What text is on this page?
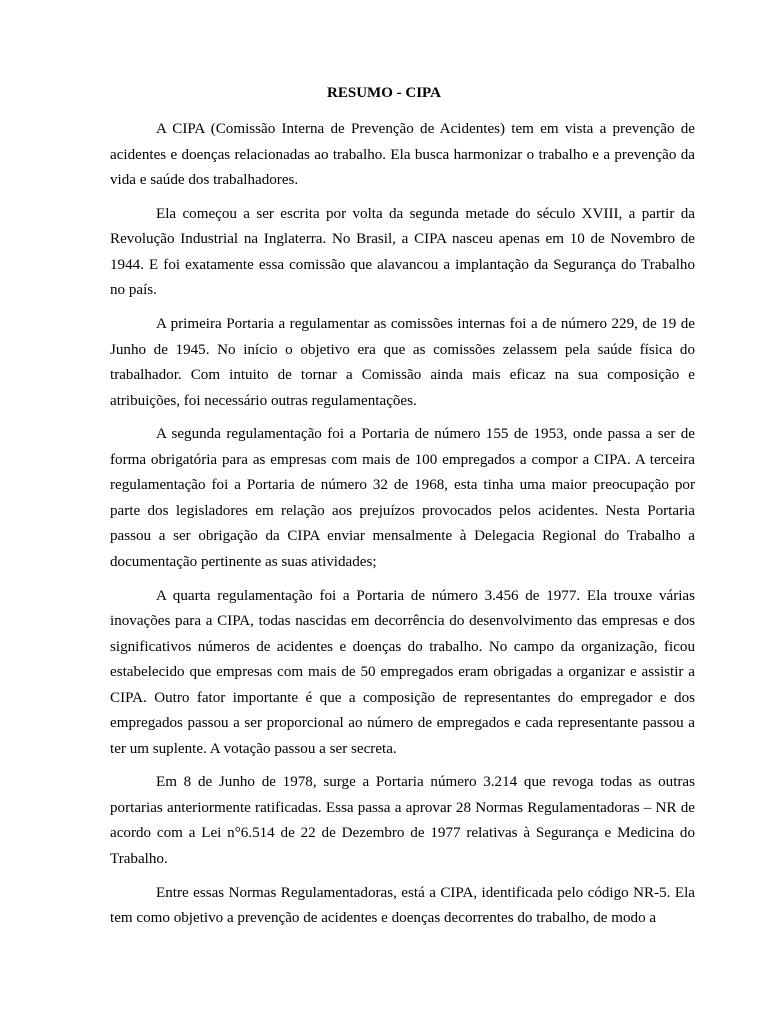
RESUMO - CIPA

A CIPA (Comissão Interna de Prevenção de Acidentes) tem em vista a prevenção de acidentes e doenças relacionadas ao trabalho. Ela busca harmonizar o trabalho e a prevenção da vida e saúde dos trabalhadores.

Ela começou a ser escrita por volta da segunda metade do século XVIII, a partir da Revolução Industrial na Inglaterra. No Brasil, a CIPA nasceu apenas em 10 de Novembro de 1944. E foi exatamente essa comissão que alavancou a implantação da Segurança do Trabalho no país.

A primeira Portaria a regulamentar as comissões internas foi a de número 229, de 19 de Junho de 1945. No início o objetivo era que as comissões zelassem pela saúde física do trabalhador. Com intuito de tornar a Comissão ainda mais eficaz na sua composição e atribuições, foi necessário outras regulamentações.

A segunda regulamentação foi a Portaria de número 155 de 1953, onde passa a ser de forma obrigatória para as empresas com mais de 100 empregados a compor a CIPA. A terceira regulamentação foi a Portaria de número 32 de 1968, esta tinha uma maior preocupação por parte dos legisladores em relação aos prejuízos provocados pelos acidentes. Nesta Portaria passou a ser obrigação da CIPA enviar mensalmente à Delegacia Regional do Trabalho a documentação pertinente as suas atividades;

A quarta regulamentação foi a Portaria de número 3.456 de 1977. Ela trouxe várias inovações para a CIPA, todas nascidas em decorrência do desenvolvimento das empresas e dos significativos números de acidentes e doenças do trabalho. No campo da organização, ficou estabelecido que empresas com mais de 50 empregados eram obrigadas a organizar e assistir a CIPA. Outro fator importante é que a composição de representantes do empregador e dos empregados passou a ser proporcional ao número de empregados e cada representante passou a ter um suplente. A votação passou a ser secreta.

Em 8 de Junho de 1978, surge a Portaria número 3.214 que revoga todas as outras portarias anteriormente ratificadas. Essa passa a aprovar 28 Normas Regulamentadoras – NR de acordo com a Lei n°6.514 de 22 de Dezembro de 1977 relativas à Segurança e Medicina do Trabalho.

Entre essas Normas Regulamentadoras, está a CIPA, identificada pelo código NR-5. Ela tem como objetivo a prevenção de acidentes e doenças decorrentes do trabalho, de modo a
